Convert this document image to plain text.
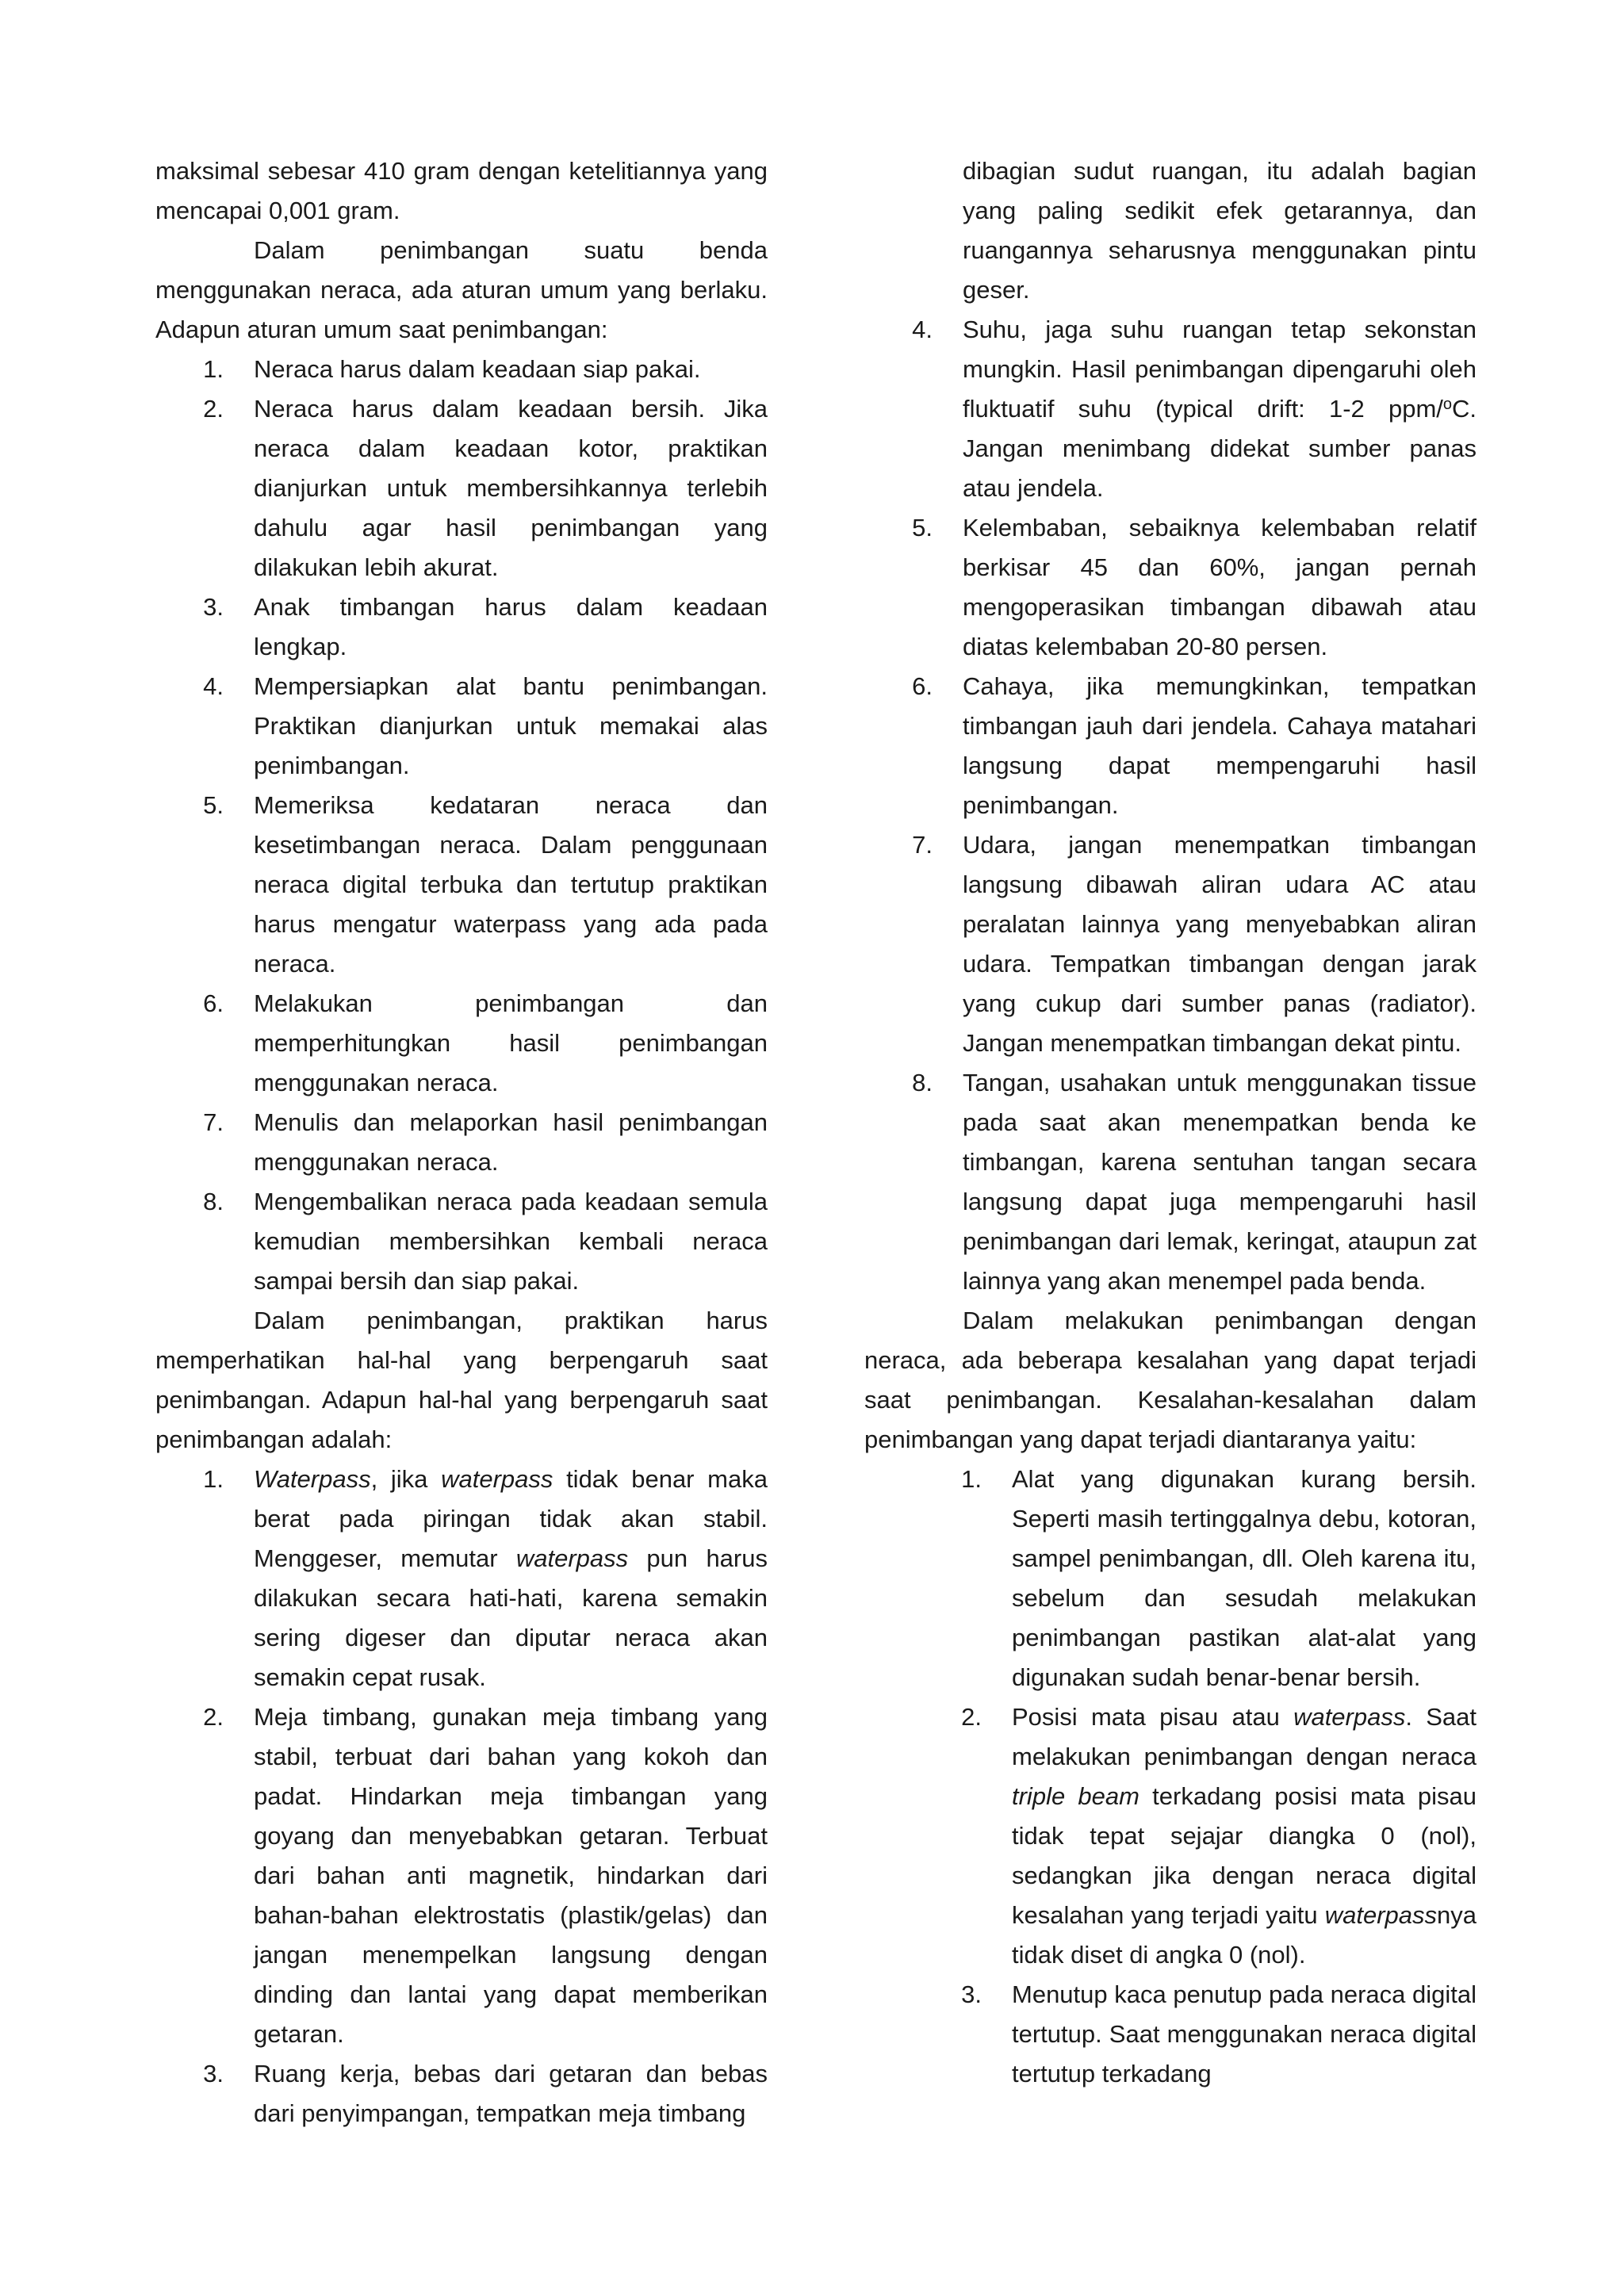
maksimal sebesar 410 gram dengan ketelitiannya yang mencapai 0,001 gram.

Dalam penimbangan suatu benda menggunakan neraca, ada aturan umum yang berlaku. Adapun aturan umum saat penimbangan:

1. Neraca harus dalam keadaan siap pakai.
2. Neraca harus dalam keadaan bersih. Jika neraca dalam keadaan kotor, praktikan dianjurkan untuk membersihkannya terlebih dahulu agar hasil penimbangan yang dilakukan lebih akurat.
3. Anak timbangan harus dalam keadaan lengkap.
4. Mempersiapkan alat bantu penimbangan. Praktikan dianjurkan untuk memakai alas penimbangan.
5. Memeriksa kedataran neraca dan kesetimbangan neraca. Dalam penggunaan neraca digital terbuka dan tertutup praktikan harus mengatur waterpass yang ada pada neraca.
6. Melakukan penimbangan dan memperhitungkan hasil penimbangan menggunakan neraca.
7. Menulis dan melaporkan hasil penimbangan menggunakan neraca.
8. Mengembalikan neraca pada keadaan semula kemudian membersihkan kembali neraca sampai bersih dan siap pakai.

Dalam penimbangan, praktikan harus memperhatikan hal-hal yang berpengaruh saat penimbangan. Adapun hal-hal yang berpengaruh saat penimbangan adalah:

1. Waterpass, jika waterpass tidak benar maka berat pada piringan tidak akan stabil. Menggeser, memutar waterpass pun harus dilakukan secara hati-hati, karena semakin sering digeser dan diputar neraca akan semakin cepat rusak.
2. Meja timbang, gunakan meja timbang yang stabil, terbuat dari bahan yang kokoh dan padat. Hindarkan meja timbangan yang goyang dan menyebabkan getaran. Terbuat dari bahan anti magnetik, hindarkan dari bahan-bahan elektrostatis (plastik/gelas) dan jangan menempelkan langsung dengan dinding dan lantai yang dapat memberikan getaran.
3. Ruang kerja, bebas dari getaran dan bebas dari penyimpangan, tempatkan meja timbang

dibagian sudut ruangan, itu adalah bagian yang paling sedikit efek getarannya, dan ruangannya seharusnya menggunakan pintu geser.

4. Suhu, jaga suhu ruangan tetap sekonstan mungkin. Hasil penimbangan dipengaruhi oleh fluktuatif suhu (typical drift: 1-2 ppm/$^o$C. Jangan menimbang didekat sumber panas atau jendela.
5. Kelembaban, sebaiknya kelembaban relatif berkisar 45 dan 60%, jangan pernah mengoperasikan timbangan dibawah atau diatas kelembaban 20-80 persen.
6. Cahaya, jika memungkinkan, tempatkan timbangan jauh dari jendela. Cahaya matahari langsung dapat mempengaruhi hasil penimbangan.
7. Udara, jangan menempatkan timbangan langsung dibawah aliran udara AC atau peralatan lainnya yang menyebabkan aliran udara. Tempatkan timbangan dengan jarak yang cukup dari sumber panas (radiator). Jangan menempatkan timbangan dekat pintu.
8. Tangan, usahakan untuk menggunakan tissue pada saat akan menempatkan benda ke timbangan, karena sentuhan tangan secara langsung dapat juga mempengaruhi hasil penimbangan dari lemak, keringat, ataupun zat lainnya yang akan menempel pada benda.

Dalam melakukan penimbangan dengan neraca, ada beberapa kesalahan yang dapat terjadi saat penimbangan. Kesalahan-kesalahan dalam penimbangan yang dapat terjadi diantaranya yaitu:

1. Alat yang digunakan kurang bersih. Seperti masih tertinggalnya debu, kotoran, sampel penimbangan, dll. Oleh karena itu, sebelum dan sesudah melakukan penimbangan pastikan alat-alat yang digunakan sudah benar-benar bersih.
2. Posisi mata pisau atau waterpass. Saat melakukan penimbangan dengan neraca triple beam terkadang posisi mata pisau tidak tepat sejajar diangka 0 (nol), sedangkan jika dengan neraca digital kesalahan yang terjadi yaitu waterpassnya tidak diset di angka 0 (nol).
3. Menutup kaca penutup pada neraca digital tertutup. Saat menggunakan neraca digital tertutup terkadang
